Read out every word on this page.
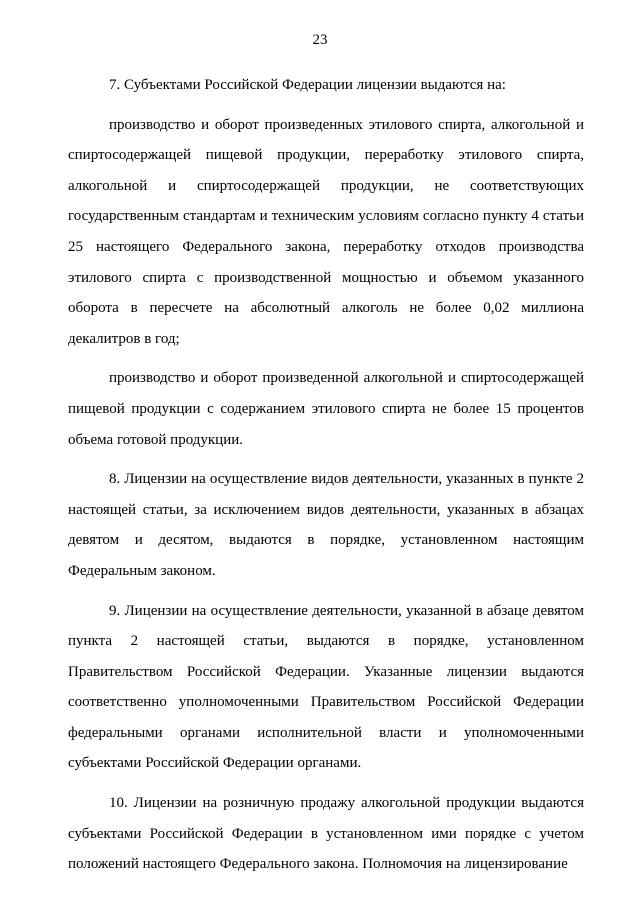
23

7. Субъектами Российской Федерации лицензии выдаются на:

производство и оборот произведенных этилового спирта, алкогольной и спиртосодержащей пищевой продукции, переработку этилового спирта, алкогольной и спиртосодержащей продукции, не соответствующих государственным стандартам и техническим условиям согласно пункту 4 статьи 25 настоящего Федерального закона, переработку отходов производства этилового спирта с производственной мощностью и объемом указанного оборота в пересчете на абсолютный алкоголь не более 0,02 миллиона декалитров в год;

производство и оборот произведенной алкогольной и спиртосодержащей пищевой продукции с содержанием этилового спирта не более 15 процентов объема готовой продукции.

8. Лицензии на осуществление видов деятельности, указанных в пункте 2 настоящей статьи, за исключением видов деятельности, указанных в абзацах девятом и десятом, выдаются в порядке, установленном настоящим Федеральным законом.

9. Лицензии на осуществление деятельности, указанной в абзаце девятом пункта 2 настоящей статьи, выдаются в порядке, установленном Правительством Российской Федерации. Указанные лицензии выдаются соответственно уполномоченными Правительством Российской Федерации федеральными органами исполнительной власти и уполномоченными субъектами Российской Федерации органами.

10. Лицензии на розничную продажу алкогольной продукции выдаются субъектами Российской Федерации в установленном ими порядке с учетом положений настоящего Федерального закона. Полномочия на лицензирование
